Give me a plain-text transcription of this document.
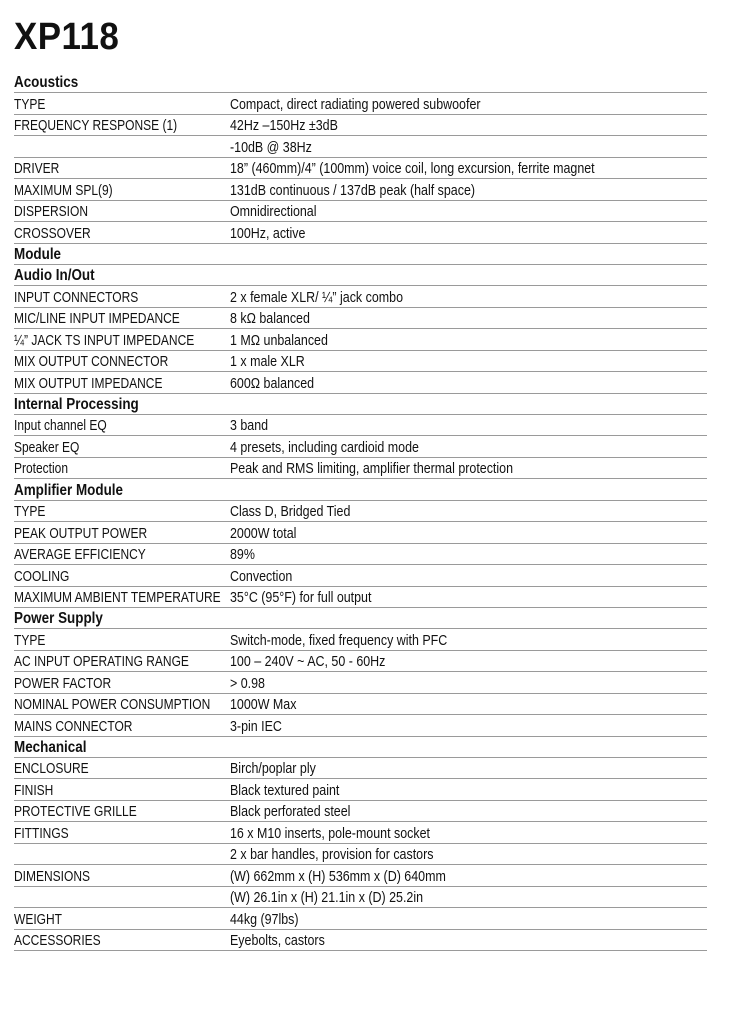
XP118
Acoustics
TYPE	Compact, direct radiating powered subwoofer
FREQUENCY RESPONSE (1)	42Hz –150Hz ±3dB
-10dB @ 38Hz
DRIVER	18” (460mm)/4” (100mm) voice coil, long excursion, ferrite magnet
MAXIMUM SPL(9)	131dB continuous / 137dB peak (half space)
DISPERSION	Omnidirectional
CROSSOVER	100Hz, active
Module
Audio In/Out
INPUT CONNECTORS	2 x female XLR/ ¼” jack combo
MIC/LINE INPUT IMPEDANCE	8 kΩ balanced
¼” JACK TS INPUT IMPEDANCE 1 MΩ unbalanced
MIX OUTPUT CONNECTOR	1 x male XLR
MIX OUTPUT IMPEDANCE	600Ω balanced
Internal Processing
Input channel EQ	3 band
Speaker EQ	4 presets, including cardioid mode
Protection	Peak and RMS limiting, amplifier thermal protection
Amplifier Module
TYPE	Class D, Bridged Tied
PEAK OUTPUT POWER	2000W total
AVERAGE EFFICIENCY	89%
COOLING	Convection
MAXIMUM AMBIENT TEMPERATURE 35°C (95°F) for full output
Power Supply
TYPE	Switch-mode, fixed frequency with PFC
AC INPUT OPERATING RANGE	100 – 240V ~ AC, 50 - 60Hz
POWER FACTOR	> 0.98
NOMINAL POWER CONSUMPTION 1000W Max
MAINS CONNECTOR	3-pin IEC
Mechanical
ENCLOSURE	Birch/poplar ply
FINISH	Black textured paint
PROTECTIVE GRILLE	Black perforated steel
FITTINGS	16 x M10 inserts, pole-mount socket
2 x bar handles, provision for castors
DIMENSIONS	(W) 662mm x (H) 536mm x (D) 640mm
(W) 26.1in x (H) 21.1in x (D) 25.2in
WEIGHT	44kg (97lbs)
ACCESSORIES	Eyebolts, castors
